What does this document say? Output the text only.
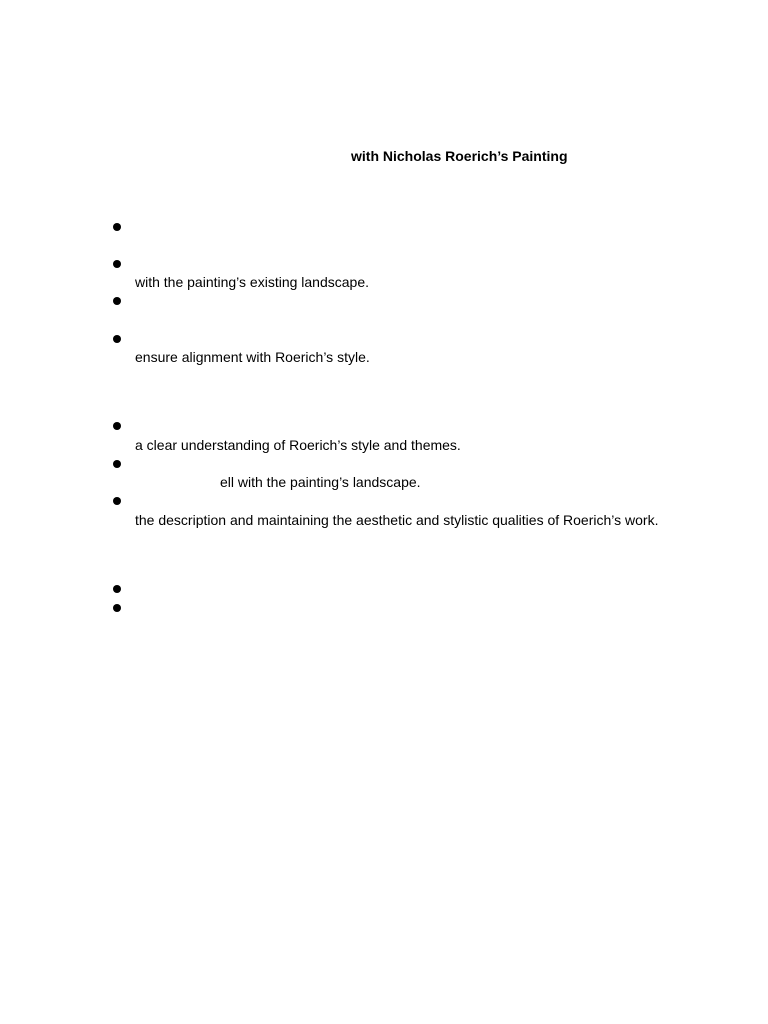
with Nicholas Roerich’s Painting
with the painting’s existing landscape.
ensure alignment with Roerich’s style.
a clear understanding of Roerich’s style and themes.
ell with the painting’s landscape.
the description and maintaining the aesthetic and stylistic qualities of Roerich’s work.
